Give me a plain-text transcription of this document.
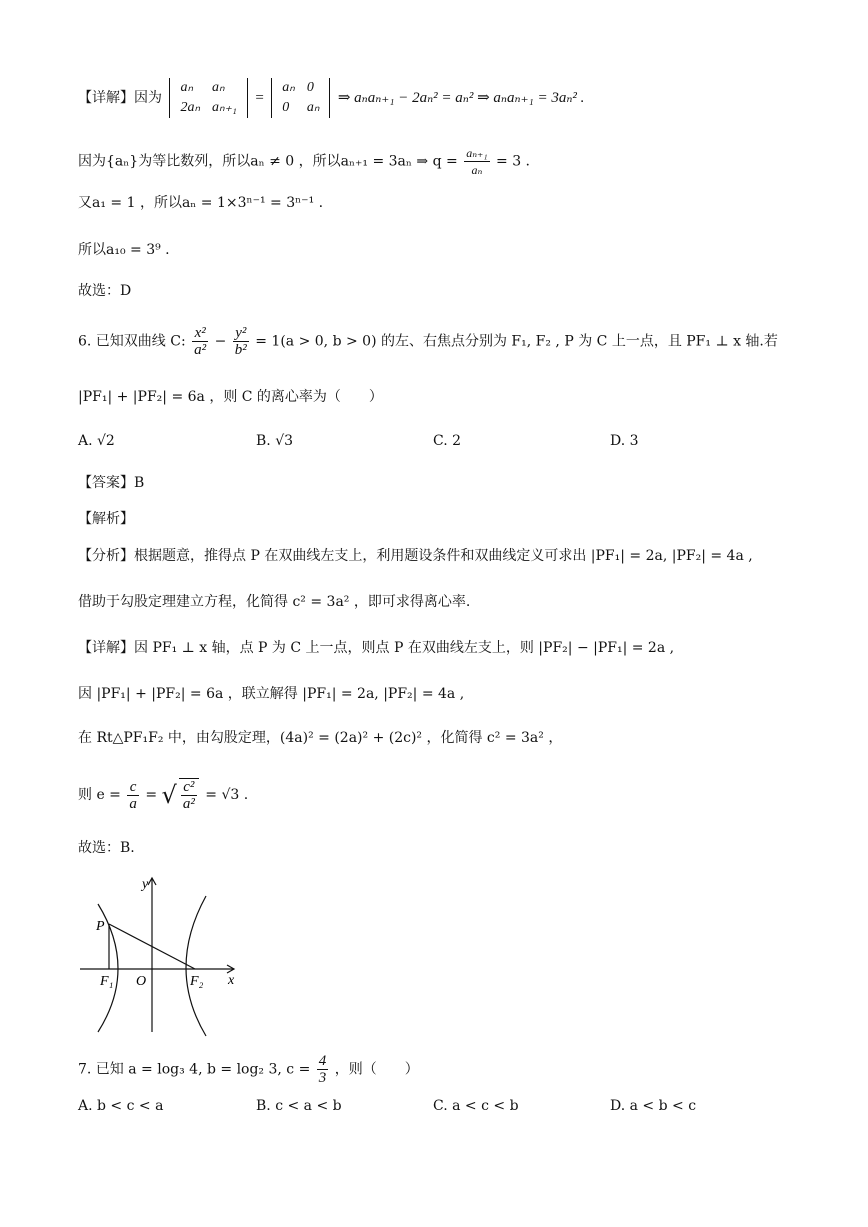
【详解】因为
aₙ	aₙ
2aₙ	aₙ₊₁
=
aₙ	0
0	aₙ
⇒ aₙaₙ₊₁ − 2aₙ² = aₙ² ⇒ aₙaₙ₊₁ = 3aₙ² .
因为{aₙ}为等比数列，所以aₙ ≠ 0 ，所以aₙ₊₁ = 3aₙ ⇒ $q = \frac{\text{aₙ₊₁}}{\text{aₙ}} = 3$ .
又a₁ = 1 ，所以aₙ = 1×3ⁿ⁻¹ = 3ⁿ⁻¹ .
所以a₁₀ = 3⁹ .
故选：D
6. 已知双曲线 C: $\frac{\text{x²}}{\text{a²}} - \frac{\text{y²}}{\text{b²}} = 1(a > 0$, b > 0) 的左、右焦点分别为 F₁, F₂ , P 为 C 上一点，且 PF₁ ⊥ x 轴.若
|PF₁| + |PF₂| = 6a ，则 C 的离心率为（　　）
A. √2	B. √3	C. 2	D. 3
【答案】B
【解析】
【分析】根据题意，推得点 P 在双曲线左支上，利用题设条件和双曲线定义可求出 |PF₁| = 2a, |PF₂| = 4a ,
借助于勾股定理建立方程，化简得 c² = 3a² ，即可求得离心率.
【详解】因 PF₁ ⊥ x 轴，点 P 为 C 上一点，则点 P 在双曲线左支上，则 |PF₂| − |PF₁| = 2a ,
因 |PF₁| + |PF₂| = 6a ，联立解得 |PF₁| = 2a, |PF₂| = 4a ,
在 Rt△PF₁F₂ 中，由勾股定理，(4a)² = (2a)² + (2c)² ，化简得 c² = 3a² ，
则 $e = \frac{c}{a}$ = √ $\frac{\text{c²}}{\text{a²}} = √3$ .
故选：B.
y
x
P
F₁ O	F₂
7. 已知 a = log₃ 4, b = log₂ 3, $c = \frac{4}{3}$ ，则（　　）
A. b < c < a	B. c < a < b	C. a < c < b	D. a < b < c
